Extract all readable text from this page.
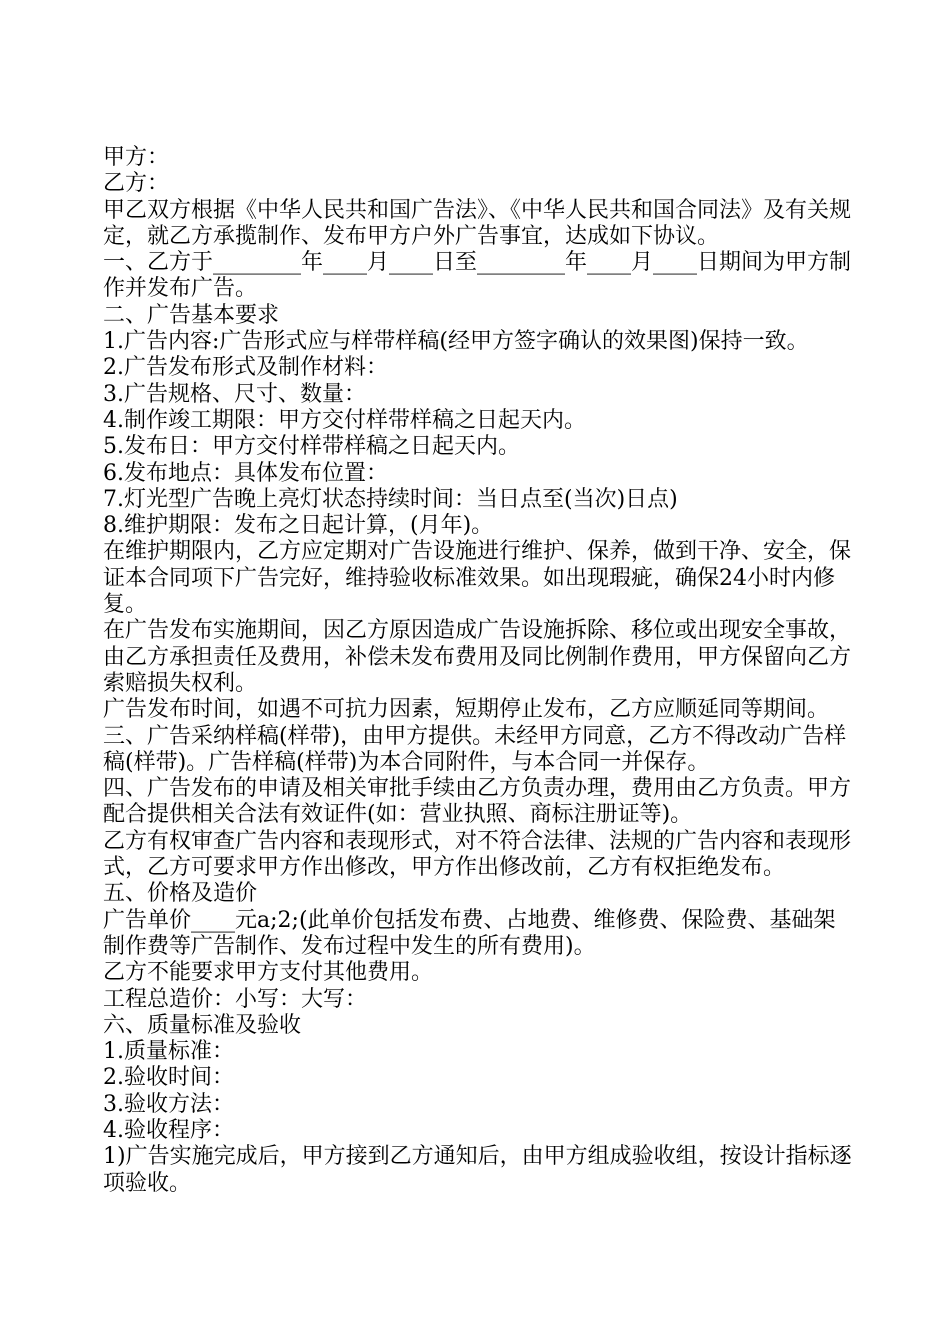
甲方：

乙方：

甲乙双方根据《中华人民共和国广告法》、《中华人民共和国合同法》及有关规定，就乙方承揽制作、发布甲方户外广告事宜，达成如下协议。

一、乙方于________年____月____日至________年____月____日期间为甲方制作并发布广告。

二、广告基本要求

1.广告内容:广告形式应与样带样稿(经甲方签字确认的效果图)保持一致。

2.广告发布形式及制作材料：

3.广告规格、尺寸、数量：

4.制作竣工期限：甲方交付样带样稿之日起天内。

5.发布日：甲方交付样带样稿之日起天内。

6.发布地点：具体发布位置：

7.灯光型广告晚上亮灯状态持续时间：当日点至(当次)日点)

8.维护期限：发布之日起计算，(月年)。

在维护期限内，乙方应定期对广告设施进行维护、保养，做到干净、安全，保证本合同项下广告完好，维持验收标准效果。如出现瑕疵，确保24小时内修复。

在广告发布实施期间，因乙方原因造成广告设施拆除、移位或出现安全事故，由乙方承担责任及费用，补偿未发布费用及同比例制作费用，甲方保留向乙方索赔损失权利。

广告发布时间，如遇不可抗力因素，短期停止发布，乙方应顺延同等期间。

三、广告采纳样稿(样带)，由甲方提供。未经甲方同意，乙方不得改动广告样稿(样带)。广告样稿(样带)为本合同附件，与本合同一并保存。

四、广告发布的申请及相关审批手续由乙方负责办理，费用由乙方负责。甲方配合提供相关合法有效证件(如：营业执照、商标注册证等)。

乙方有权审查广告内容和表现形式，对不符合法律、法规的广告内容和表现形式，乙方可要求甲方作出修改，甲方作出修改前，乙方有权拒绝发布。

五、价格及造价

广告单价____元a;2;(此单价包括发布费、占地费、维修费、保险费、基础架制作费等广告制作、发布过程中发生的所有费用)。

乙方不能要求甲方支付其他费用。

工程总造价：小写：大写：

六、质量标准及验收

1.质量标准：

2.验收时间：

3.验收方法：

4.验收程序：

1)广告实施完成后，甲方接到乙方通知后，由甲方组成验收组，按设计指标逐项验收。
